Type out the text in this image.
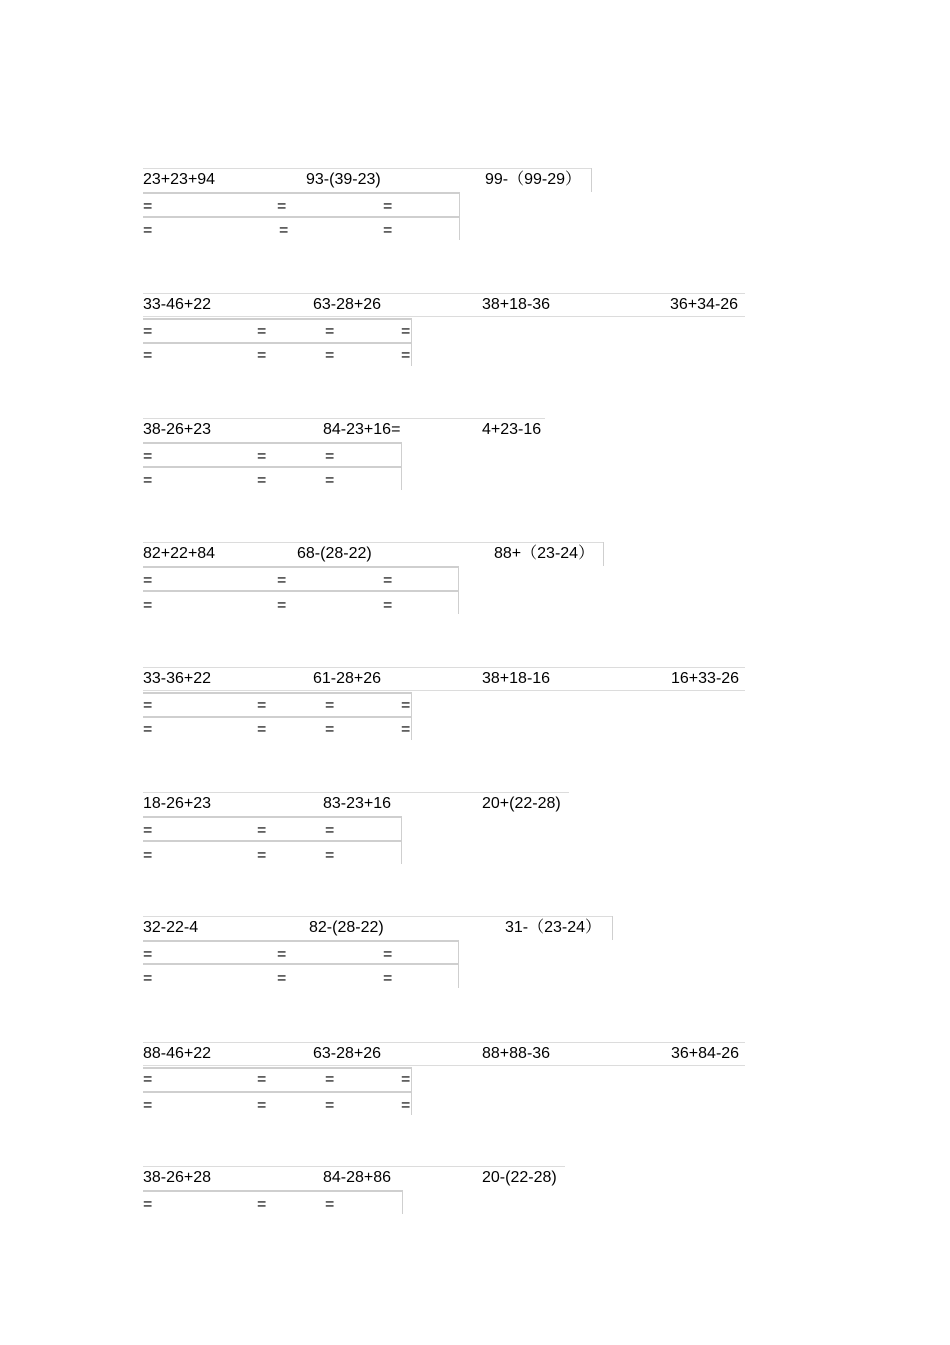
23+23+94	93-(39-23)	99-（99-29）
=	=	=
=	=	=
33-46+22	63-28+26	38+18-36	36+34-26
=	=	=	=
=	=	=	=
38-26+23	84-23+16=	4+23-16
=	=	=
=	=	=
82+22+84	68-(28-22)	88+（23-24）
=	=	=
=	=	=
33-36+22	61-28+26	38+18-16	16+33-26
=	=	=	=
=	=	=	=
18-26+23	83-23+16	20+(22-28)
=	=	=
=	=	=
32-22-4	82-(28-22)	31-（23-24）
=	=	=
=	=	=
88-46+22	63-28+26	88+88-36	36+84-26
=	=	=	=
=	=	=	=
38-26+28	84-28+86	20-(22-28)
=	=	=
